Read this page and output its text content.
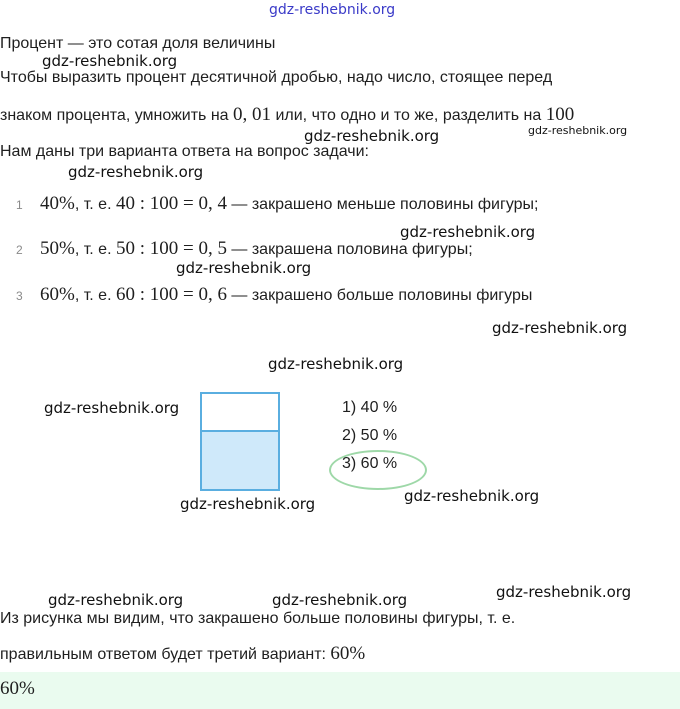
gdz-reshebnik.org
gdz-reshebnik.org
gdz-reshebnik.org	gdz-reshebnik.org
gdz-reshebnik.org
gdz-reshebnik.org
gdz-reshebnik.org
gdz-reshebnik.org
gdz-reshebnik.org
gdz-reshebnik.org
gdz-reshebnik.org	gdz-reshebnik.org
gdz-reshebnik.org
gdz-reshebnik.org	gdz-reshebnik.org
Процент — это сотая доля величины
Чтобы выразить процент десятичной дробью, надо число, стоящее перед
знаком процента, умножить на 0, 01 или, что одно и то же, разделить на 100
Нам даны три варианта ответа на вопрос задачи:
1 40%, т. е. 40 : 100 = 0, 4 — закрашено меньше половины фигуры;
2 50%, т. е. 50 : 100 = 0, 5 — закрашена половина фигуры;
3 60%, т. е. 60 : 100 = 0, 6 — закрашено больше половины фигуры
1) 40 %
2) 50 %
3) 60 %
Из рисунка мы видим, что закрашено больше половины фигуры, т. е.
правильным ответом будет третий вариант: 60%
60%
